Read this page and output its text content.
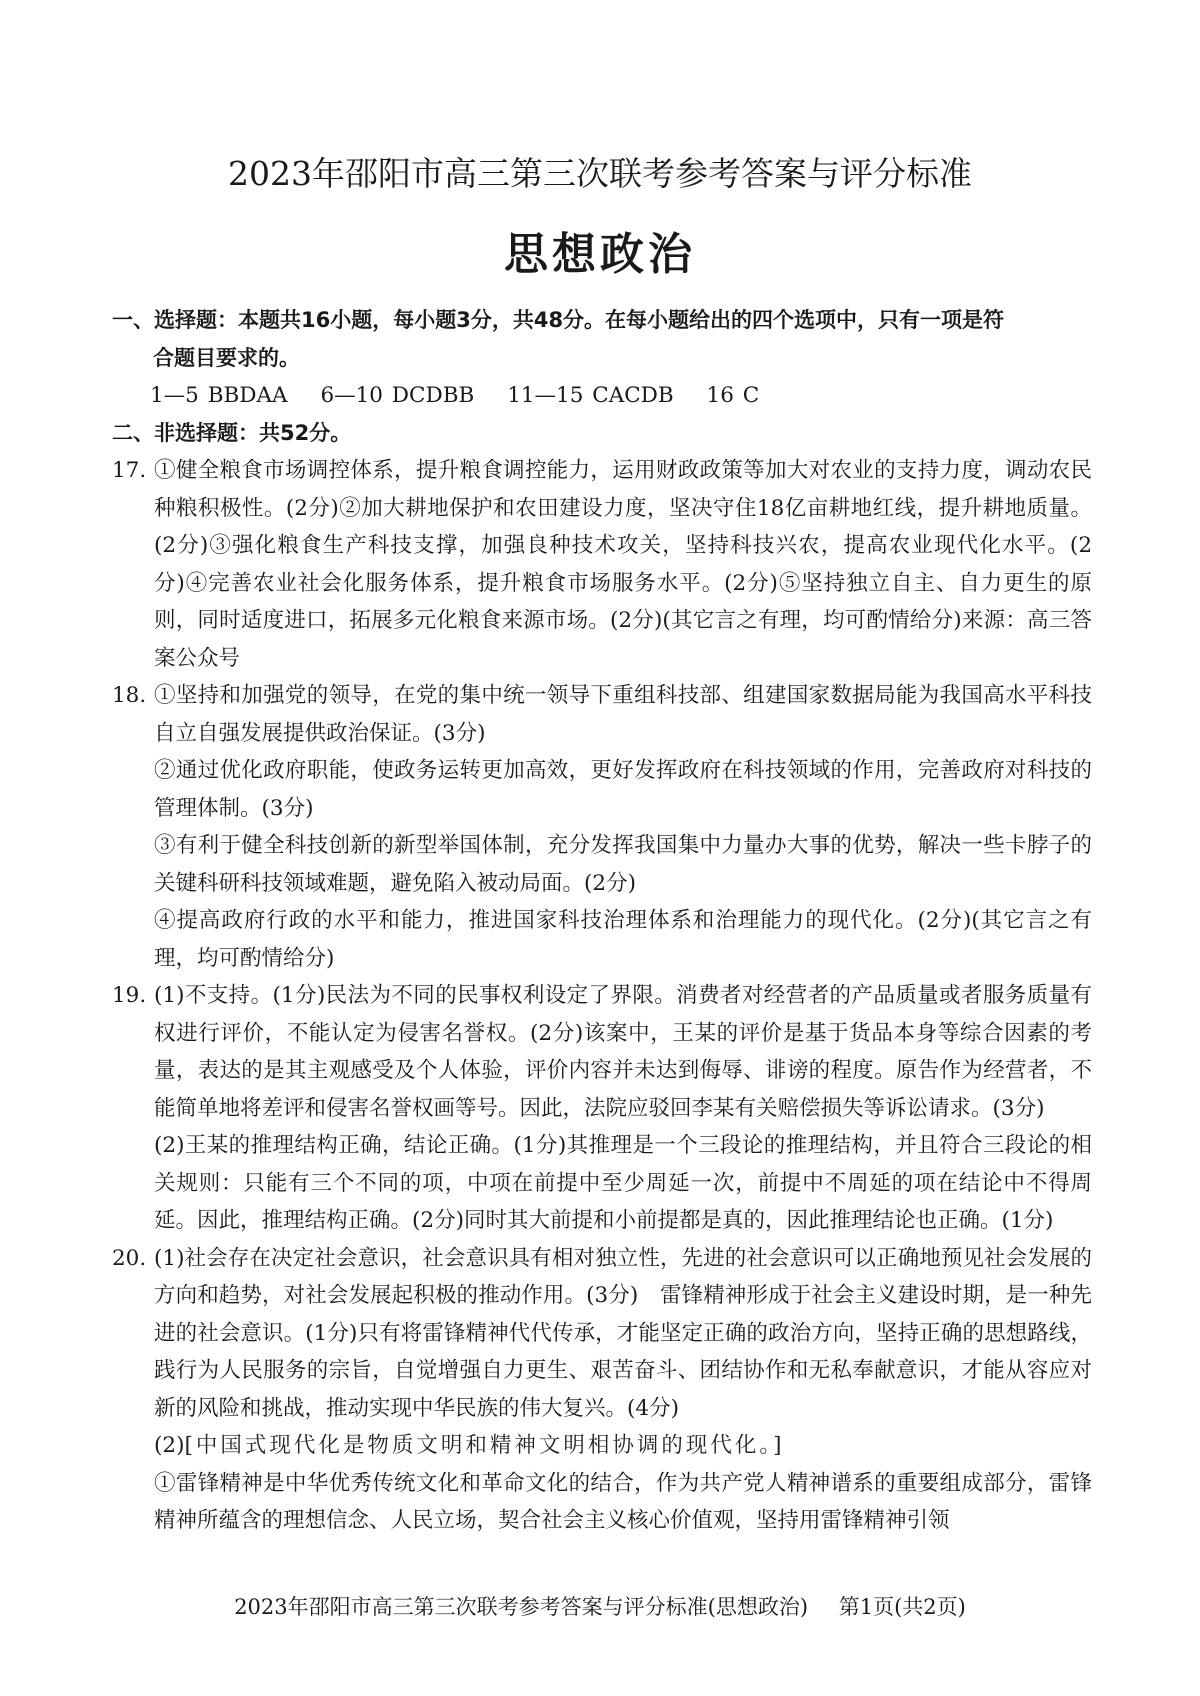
2023年邵阳市高三第三次联考参考答案与评分标准
思想政治
一、选择题：本题共16小题，每小题3分，共48分。在每小题给出的四个选项中，只有一项是符
合题目要求的。
1—5 BBDAA 6—10 DCDBB 11—15 CACDB 16 C
二、非选择题：共52分。
17. ①健全粮食市场调控体系，提升粮食调控能力，运用财政政策等加大对农业的支持力度，调动农民种粮积极性。(2分)②加大耕地保护和农田建设力度，坚决守住18亿亩耕地红线，提升耕地质量。(2分)③强化粮食生产科技支撑，加强良种技术攻关，坚持科技兴农，提高农业现代化水平。(2分)④完善农业社会化服务体系，提升粮食市场服务水平。(2分)⑤坚持独立自主、自力更生的原则，同时适度进口，拓展多元化粮食来源市场。(2分)(其它言之有理，均可酌情给分)来源：高三答案公众号

18. ①坚持和加强党的领导，在党的集中统一领导下重组科技部、组建国家数据局能为我国高水平科技自立自强发展提供政治保证。(3分)

②通过优化政府职能，使政务运转更加高效，更好发挥政府在科技领域的作用，完善政府对科技的管理体制。(3分)

③有利于健全科技创新的新型举国体制，充分发挥我国集中力量办大事的优势，解决一些卡脖子的关键科研科技领域难题，避免陷入被动局面。(2分)

④提高政府行政的水平和能力，推进国家科技治理体系和治理能力的现代化。(2分)(其它言之有理，均可酌情给分)

19. (1)不支持。(1分)民法为不同的民事权利设定了界限。消费者对经营者的产品质量或者服务质量有权进行评价，不能认定为侵害名誉权。(2分)该案中，王某的评价是基于货品本身等综合因素的考量，表达的是其主观感受及个人体验，评价内容并未达到侮辱、诽谤的程度。原告作为经营者，不能简单地将差评和侵害名誉权画等号。因此，法院应驳回李某有关赔偿损失等诉讼请求。(3分)

(2)王某的推理结构正确，结论正确。(1分)其推理是一个三段论的推理结构，并且符合三段论的相关规则：只能有三个不同的项，中项在前提中至少周延一次，前提中不周延的项在结论中不得周延。因此，推理结构正确。(2分)同时其大前提和小前提都是真的，因此推理结论也正确。(1分)

20. (1)社会存在决定社会意识，社会意识具有相对独立性，先进的社会意识可以正确地预见社会发展的方向和趋势，对社会发展起积极的推动作用。(3分)　雷锋精神形成于社会主义建设时期，是一种先进的社会意识。(1分)只有将雷锋精神代代传承，才能坚定正确的政治方向，坚持正确的思想路线，践行为人民服务的宗旨，自觉增强自力更生、艰苦奋斗、团结协作和无私奉献意识，才能从容应对新的风险和挑战，推动实现中华民族的伟大复兴。(4分)

(2)[中国式现代化是物质文明和精神文明相协调的现代化。]

①雷锋精神是中华优秀传统文化和革命文化的结合，作为共产党人精神谱系的重要组成部分，雷锋精神所蕴含的理想信念、人民立场，契合社会主义核心价值观，坚持用雷锋精神引领

2023年邵阳市高三第三次联考参考答案与评分标准(思想政治) 第1页(共2页)
